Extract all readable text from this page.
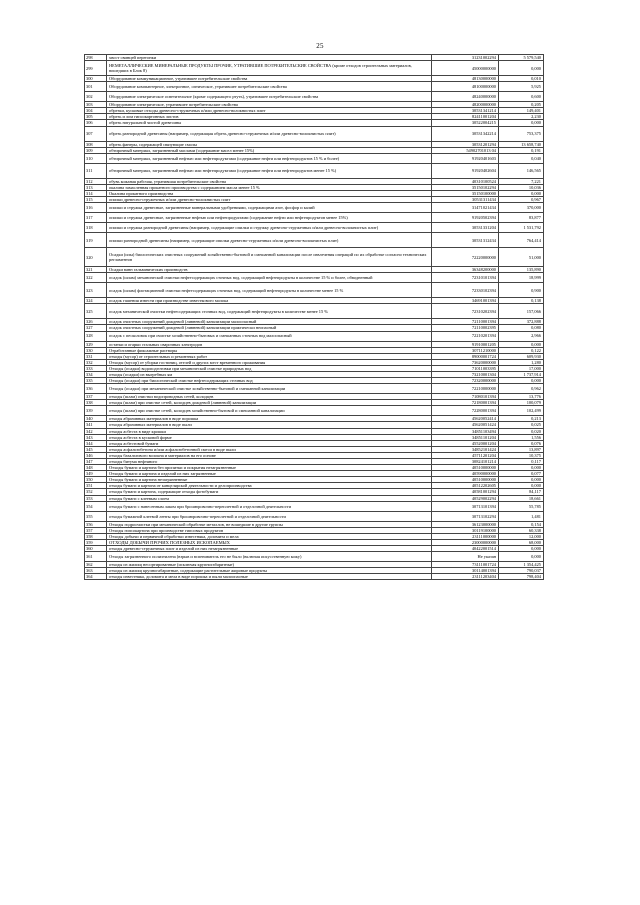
25
298	хвост свинцей перегонки	31231002294	5 579,540
299	НЕМЕТАЛЛИЧЕСКИЕ МИНЕРАЛЬНЫЕ ПРОДУКТЫ ПРОЧИЕ, УТРАТИВШИЕ ПОТРЕБИТЕЛЬСКИЕ СВОЙСТВА (кроме отходов строительных материалов, вошедших в Блок 8)	45000000000	0,000
300	Оборудование коммуникационное, утратившее потребительские свойства	48130000000	0,010
301	Оборудование компьютерное, электронное, оптическое, утратившее потребительские свойства	48100000000	5,925
302	Оборудование электрическое осветительное (кроме содержащего ртуть), утратившее потребительские свойства	48240000000	0,600
303	Оборудование электрическое, утратившее потребительские свойства	48200000000	0,205
304	обрезки, кусковые отходы древесно-стружечных и/или древесно-волокнистых плит	30531341214	149,401
305	обрезь и лом гипсокартонных листов	82411001204	2,230
306	обрезь натуральной чистой древесины	30522004215	0,000
307	обрезь разнородной древесины (например, содержащая обрезь древесно-стружечных и/или древесно-волокнистых плит)	30531342214	753,375
308	обрезь фанеры, содержащей связующие смолы	30531201294	13 658,740
309	обтирочный материал, загрязненный маслами (содержание масел менее 15%)	54902701013 04	0,191
310	обтирочный материал, загрязненный нефтью или нефтепродуктами (содержание нефти или нефтепродуктов 15 % и более)	91920401603	0,040
311	обтирочный материал, загрязненный нефтью или нефтепродуктами (содержание нефти или нефтепродуктов менее 15 %)	91920402604	146,565
312	обувь кожаная рабочая, утратившая потребительские свойства	40310100524	7,221
313	окалина замасленная прокатного производства с содержанием масла менее 15 %	35150102294	10,036
314	Окалина прокатного производства	35150100000	0,000
315	опилки древесно-стружечных и/или древесно-волокнистых плит	30531311434	0,967
316	опилки и стружка древесные, загрязненные минеральными удобрениями, содержащими азот, фосфор и калий	31471021434	370,000
317	опилки и стружка древесные, загрязненные нефтью или нефтепродуктами (содержание нефти или нефтепродуктов менее 15%)	91920502394	83,877
318	опилки и стружка разнородной древесины (например, содержащие опилки и стружку древесно-стружечных и/или древесно-волокнистых плит)	30531331204	1 531,792
319	опилки разнородной древесины (например, содержащие опилки древесно-стружечных и/или древесно-волокнистых плит)	30531312434	764,414
320	Осадки (илы) биологических очистных сооружений хозяйственно-бытовой и смешанной канализации после извлечения операций по их обработке согласно технических регламентов	72220000000	51,000
321	Осадки ванн гальванических производств	36348200000	135,890
322	осадок (шлам) механической очистки нефтесодержащих сточных вод, содержащий нефтепродукты в количестве 15 % и более, обводненный	72310101394	18,999
323	осадок (шлам) флотационной очистки нефтесодержащих сточных вод, содержащий нефтепродукты в количестве менее 15 %	72330102394	0,900
324	осадок гашения извести при производстве известкового молока	34691001394	0,138
325	осадок механической очистки нефтесодержащих сточных вод, содержащий нефтепродукты в количестве менее 15 %	72310202394	157,066
326	осадок очистных сооружений дождевой (ливневой) канализации малоопасный	72110001394	372,888
327	осадок очистных сооружений дождевой (ливневой) канализации практически неопасный	72110002395	0,080
328	осадок с песколовок при очистке хозяйственно-бытовых и смешанных сточных вод малоопасный	72210201394	2,966
329	остатки и огарки стальных сварочных электродов	91910001205	0,000
330	Отработанные фиксажные растворы	30711210000	0,122
331	отходы (мусор) от строительных и ремонтных работ	89000001724	609,930
332	Отходы (мусор) от уборки гостиниц, отелей и других мест временного проживания	73620000000	1,280
333	Отходы (осадки) водоподготовки при механической очистке природных вод	71011003395	17,000
334	отходы (осадки) из выгребных ям	73210001304	1 737,914
335	Отходы (осадки) при биологической очистке нефтесодержащих сточных вод	72320000000	0,000
336	Отходы (осадки) при механической очистке хозяйственно-бытовой и смешанной канализации	72210000000	0,962
337	отходы (шлам) очистки водопроводных сетей, колодцев	71080101394	13,776
338	отходы (шлам) при очистке сетей, колодцев дождевой (ливневой) канализации	72180001394	100,079
339	отходы (шлам) при очистке сетей, колодцев хозяйственно-бытовой и смешанной канализации	72280001394	102,499
340	отходы абразивных материалов в виде порошка	45620052414	0,213
341	отходы абразивных материалов в виде пыли	45620051424	0,025
342	отходы асбеста в виде крошки	34851103494	0,020
343	отходы асбеста в кусковой форме	34851101204	1,556
344	отходы асбестовой бумаги	45520001204	0,076
345	отходы асфальтобетона и/или асфальтобетонной смеси в виде пыли	34852101424	13,897
346	отходы базальтового волокна и материалов на его основе	45711201204	10,375
347	отходы битума нефтяного	30824101214	0,117
348	Отходы бумаги и картона без пропитки и покрытия незагрязненные	40510000000	0,000
349	Отходы бумаги и картона и изделий из них загрязненные	40590000000	0,077
350	Отходы бумаги и картона незагрязненные	40510000000	0,000
351	отходы бумаги и картона от канцелярской деятельности и делопроизводства	40512202605	0,000
352	отходы бумаги и картона, содержащие отходы фотобумаги	40581001294	84,117
353	отходы бумаги с клеевым слоем	40529002294	18,661
354	отходы бумаги с нанесенным лаком при брошюровочно-переплетной и отделочной деятельности	30713101394	55,785
355	отходы бумажной клеевой ленты при брошюровочно-переплетной и отделочной деятельности	30713102294	1,481
356	Отходы гидроочистки при механической обработке металлов, не вошедшие в другие группы	36123000000	0,154
357	Отходы гипсокартона при производстве гипсовых продуктов	30119100000	60,338
358	Отходы добычи и первичной обработки известняка, доломита и мела	23111000000	12,000
359	ОТХОДЫ ДОБЫЧИ ПРОЧИХ ПОЛЕЗНЫХ ИСКОПАЕМЫХ	23000000000	68,000
360	отходы древесно-стружечных плит и изделий из них незагрязненные	40422001514	0,000
361	Отходы загрязненного полиэтилена (взрыв и вспениватель его не было (включая искусственную кожу)	Не указан	0,000
362	отходы из жилищ несортированные (исключая крупногабаритные)	73111001724	1 354,425
363	отходы из жилищ крупногабаритные, содержащие растительные жировые продукты	30114001394	790,037
364	отходы известняка, доломита и мела в виде порошка и пыли малоопасные	23111203404	798,404
